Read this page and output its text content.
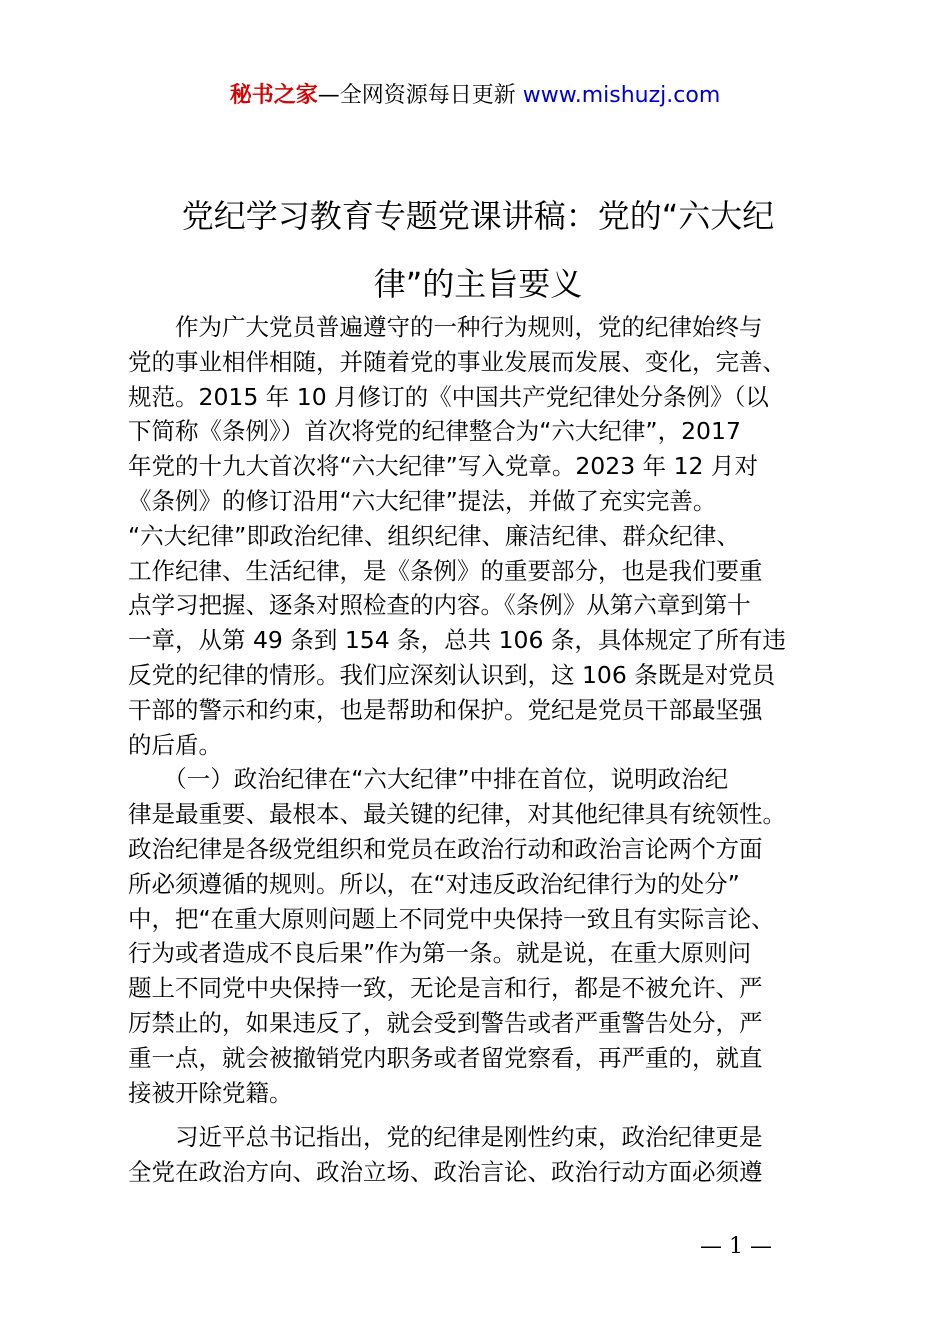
秘书之家—全网资源每日更新 www.mishuzj.com
党纪学习教育专题党课讲稿：党的“六大纪
律”的主旨要义
　　作为广大党员普遍遵守的一种行为规则，党的纪律始终与
党的事业相伴相随，并随着党的事业发展而发展、变化，完善、
规范。2015 年 10 月修订的《中国共产党纪律处分条例》（以
下简称《条例》）首次将党的纪律整合为“六大纪律”，2017
年党的十九大首次将“六大纪律”写入党章。2023 年 12 月对
《条例》的修订沿用“六大纪律”提法，并做了充实完善。
“六大纪律”即政治纪律、组织纪律、廉洁纪律、群众纪律、
工作纪律、生活纪律，是《条例》的重要部分，也是我们要重
点学习把握、逐条对照检查的内容。《条例》从第六章到第十
一章，从第 49 条到 154 条，总共 106 条，具体规定了所有违
反党的纪律的情形。我们应深刻认识到，这 106 条既是对党员
干部的警示和约束，也是帮助和保护。党纪是党员干部最坚强
的后盾。
　　（一）政治纪律在“六大纪律”中排在首位，说明政治纪
律是最重要、最根本、最关键的纪律，对其他纪律具有统领性。
政治纪律是各级党组织和党员在政治行动和政治言论两个方面
所必须遵循的规则。所以，在“对违反政治纪律行为的处分”
中，把“在重大原则问题上不同党中央保持一致且有实际言论、
行为或者造成不良后果”作为第一条。就是说，在重大原则问
题上不同党中央保持一致，无论是言和行，都是不被允许、严
厉禁止的，如果违反了，就会受到警告或者严重警告处分，严
重一点，就会被撤销党内职务或者留党察看，再严重的，就直
接被开除党籍。
　　习近平总书记指出，党的纪律是刚性约束，政治纪律更是
全党在政治方向、政治立场、政治言论、政治行动方面必须遵
— 1 —
